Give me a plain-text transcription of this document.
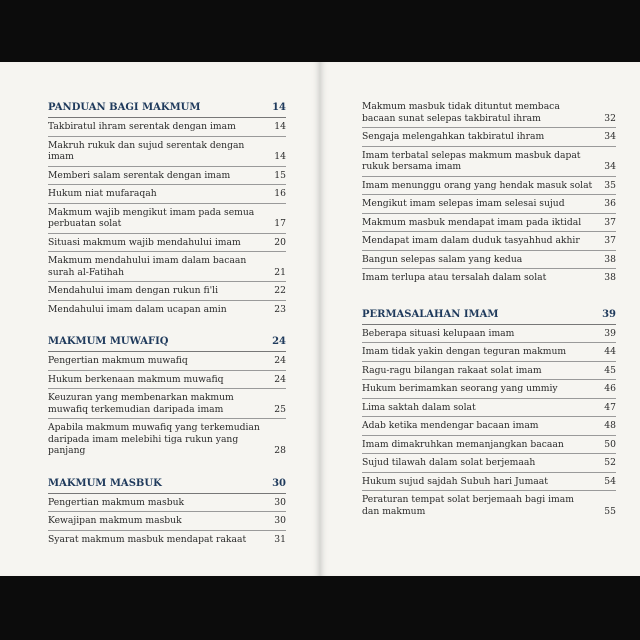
PANDUAN BAGI MAKMUM	14
Takbiratul ihram serentak dengan imam	14
Makruh rukuk dan sujud serentak dengan imam	14
Memberi salam serentak dengan imam	15
Hukum niat mufaraqah	16
Makmum wajib mengikut imam pada semua perbuatan solat	17
Situasi makmum wajib mendahului imam	20
Makmum mendahului imam dalam bacaan surah al-Fatihah	21
Mendahului imam dengan rukun fi'li	22
Mendahului imam dalam ucapan amin	23
MAKMUM MUWAFIQ	24
Pengertian makmum muwafiq	24
Hukum berkenaan makmum muwafiq	24
Keuzuran yang membenarkan makmum muwafiq terkemudian daripada imam	25
Apabila makmum muwafiq yang terkemudian daripada imam melebihi tiga rukun yang panjang	28
MAKMUM MASBUK	30
Pengertian makmum masbuk	30
Kewajipan makmum masbuk	30
Syarat makmum masbuk mendapat rakaat	31
Makmum masbuk tidak dituntut membaca bacaan sunat selepas takbiratul ihram	32
Sengaja melengahkan takbiratul ihram	34
Imam terbatal selepas makmum masbuk dapat rukuk bersama imam	34
Imam menunggu orang yang hendak masuk solat	35
Mengikut imam selepas imam selesai sujud	36
Makmum masbuk mendapat imam pada iktidal	37
Mendapat imam dalam duduk tasyahhud akhir	37
Bangun selepas salam yang kedua	38
Imam terlupa atau tersalah dalam solat	38
PERMASALAHAN IMAM	39
Beberapa situasi kelupaan imam	39
Imam tidak yakin dengan teguran makmum	44
Ragu-ragu bilangan rakaat solat imam	45
Hukum berimamkan seorang yang ummiy	46
Lima saktah dalam solat	47
Adab ketika mendengar bacaan imam	48
Imam dimakruhkan memanjangkan bacaan	50
Sujud tilawah dalam solat berjemaah	52
Hukum sujud sajdah Subuh hari Jumaat	54
Peraturan tempat solat berjemaah bagi imam dan makmum	55
